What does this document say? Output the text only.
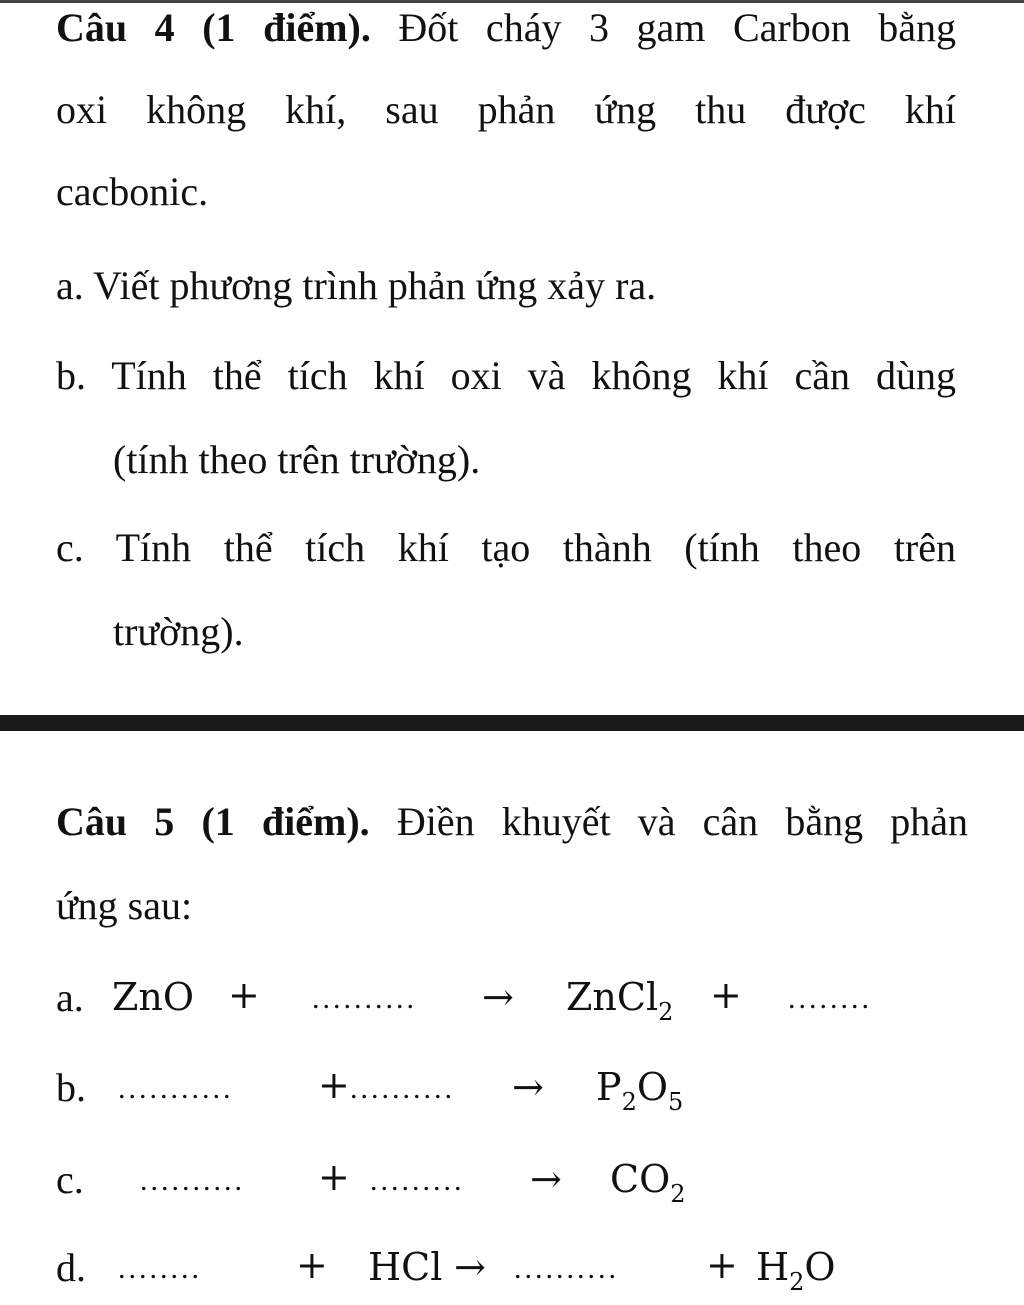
Câu 4 (1 điểm). Đốt cháy 3 gam Carbon bằng
oxi không khí, sau phản ứng thu được khí
cacbonic.
a. Viết phương trình phản ứng xảy ra.
b. Tính thể tích khí oxi và không khí cần dùng
(tính theo trên trường).
c. Tính thể tích khí tạo thành (tính theo trên
trường).
Câu 5 (1 điểm). Điền khuyết và cân bằng phản
ứng sau:
a. ZnO + .......... → ZnCl$_2$ + ........
b. ........... + .......... → $P_2O_5$
c. .......... + ......... → $CO_2$
d. ........ + HCl → .......... + $H_2O$
